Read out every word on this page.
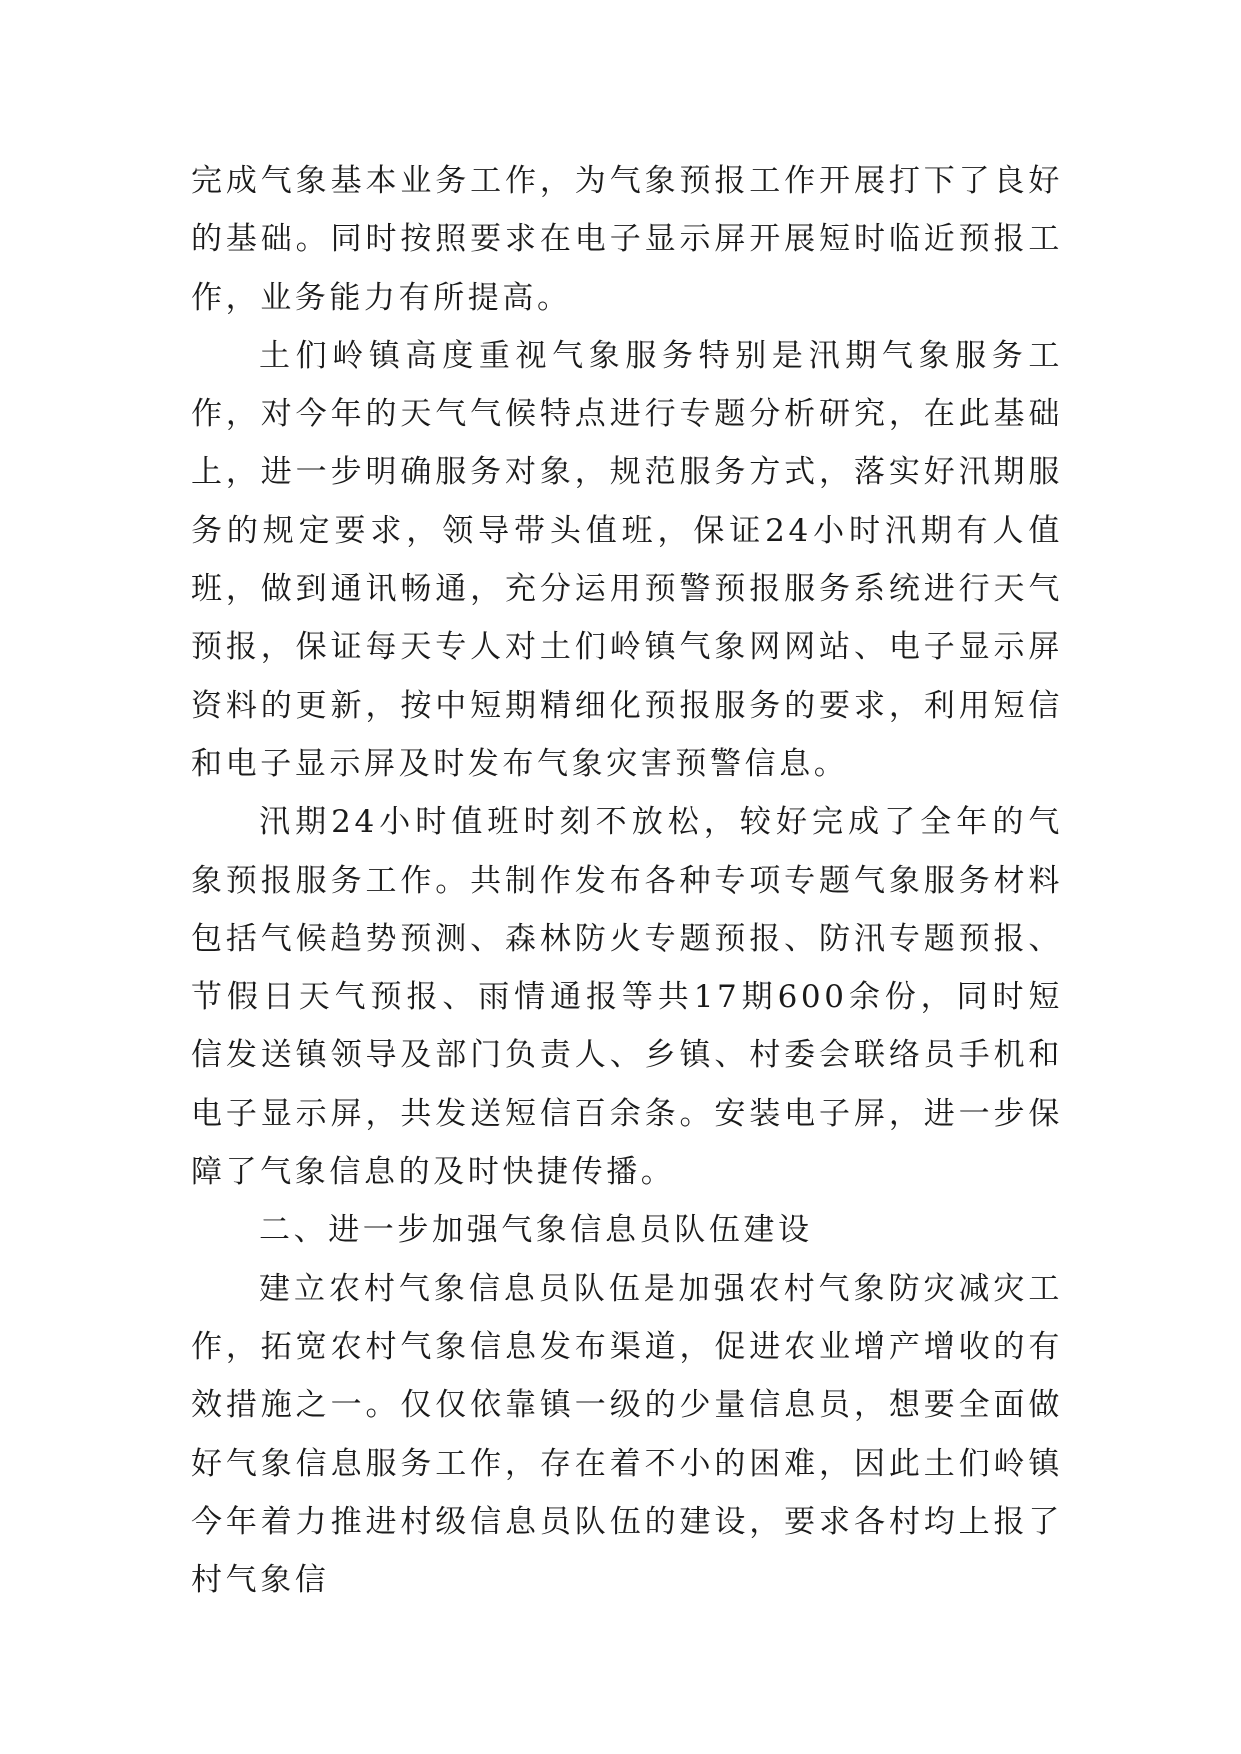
完成气象基本业务工作，为气象预报工作开展打下了良好的基础。同时按照要求在电子显示屏开展短时临近预报工作，业务能力有所提高。

土们岭镇高度重视气象服务特别是汛期气象服务工作，对今年的天气气候特点进行专题分析研究，在此基础上，进一步明确服务对象，规范服务方式，落实好汛期服务的规定要求，领导带头值班，保证24小时汛期有人值班，做到通讯畅通，充分运用预警预报服务系统进行天气预报，保证每天专人对土们岭镇气象网网站、电子显示屏资料的更新，按中短期精细化预报服务的要求，利用短信和电子显示屏及时发布气象灾害预警信息。

汛期24小时值班时刻不放松，较好完成了全年的气象预报服务工作。共制作发布各种专项专题气象服务材料包括气候趋势预测、森林防火专题预报、防汛专题预报、节假日天气预报、雨情通报等共17期600余份，同时短信发送镇领导及部门负责人、乡镇、村委会联络员手机和电子显示屏，共发送短信百余条。安装电子屏，进一步保障了气象信息的及时快捷传播。

二、进一步加强气象信息员队伍建设

建立农村气象信息员队伍是加强农村气象防灾减灾工作，拓宽农村气象信息发布渠道，促进农业增产增收的有效措施之一。仅仅依靠镇一级的少量信息员，想要全面做好气象信息服务工作，存在着不小的困难，因此土们岭镇今年着力推进村级信息员队伍的建设，要求各村均上报了村气象信
